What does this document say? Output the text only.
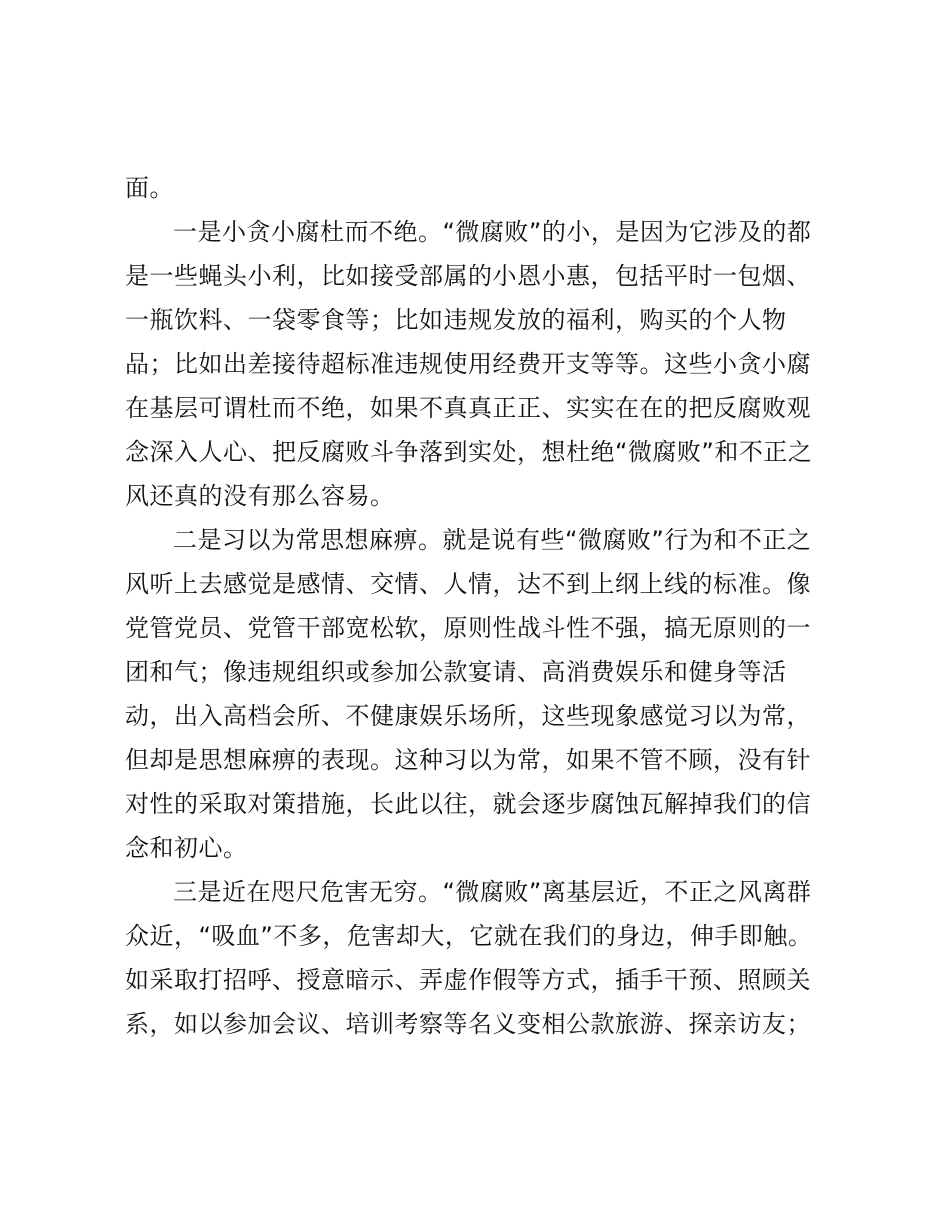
面。
一是小贪小腐杜而不绝。“微腐败”的小，是因为它涉及的都
是一些蝇头小利，比如接受部属的小恩小惠，包括平时一包烟、
一瓶饮料、一袋零食等；比如违规发放的福利，购买的个人物
品；比如出差接待超标准违规使用经费开支等等。这些小贪小腐
在基层可谓杜而不绝，如果不真真正正、实实在在的把反腐败观
念深入人心、把反腐败斗争落到实处，想杜绝“微腐败”和不正之
风还真的没有那么容易。
二是习以为常思想麻痹。就是说有些“微腐败”行为和不正之
风听上去感觉是感情、交情、人情，达不到上纲上线的标准。像
党管党员、党管干部宽松软，原则性战斗性不强，搞无原则的一
团和气；像违规组织或参加公款宴请、高消费娱乐和健身等活
动，出入高档会所、不健康娱乐场所，这些现象感觉习以为常，
但却是思想麻痹的表现。这种习以为常，如果不管不顾，没有针
对性的采取对策措施，长此以往，就会逐步腐蚀瓦解掉我们的信
念和初心。
三是近在咫尺危害无穷。“微腐败”离基层近，不正之风离群
众近，“吸血”不多，危害却大，它就在我们的身边，伸手即触。
如采取打招呼、授意暗示、弄虚作假等方式，插手干预、照顾关
系，如以参加会议、培训考察等名义变相公款旅游、探亲访友；
